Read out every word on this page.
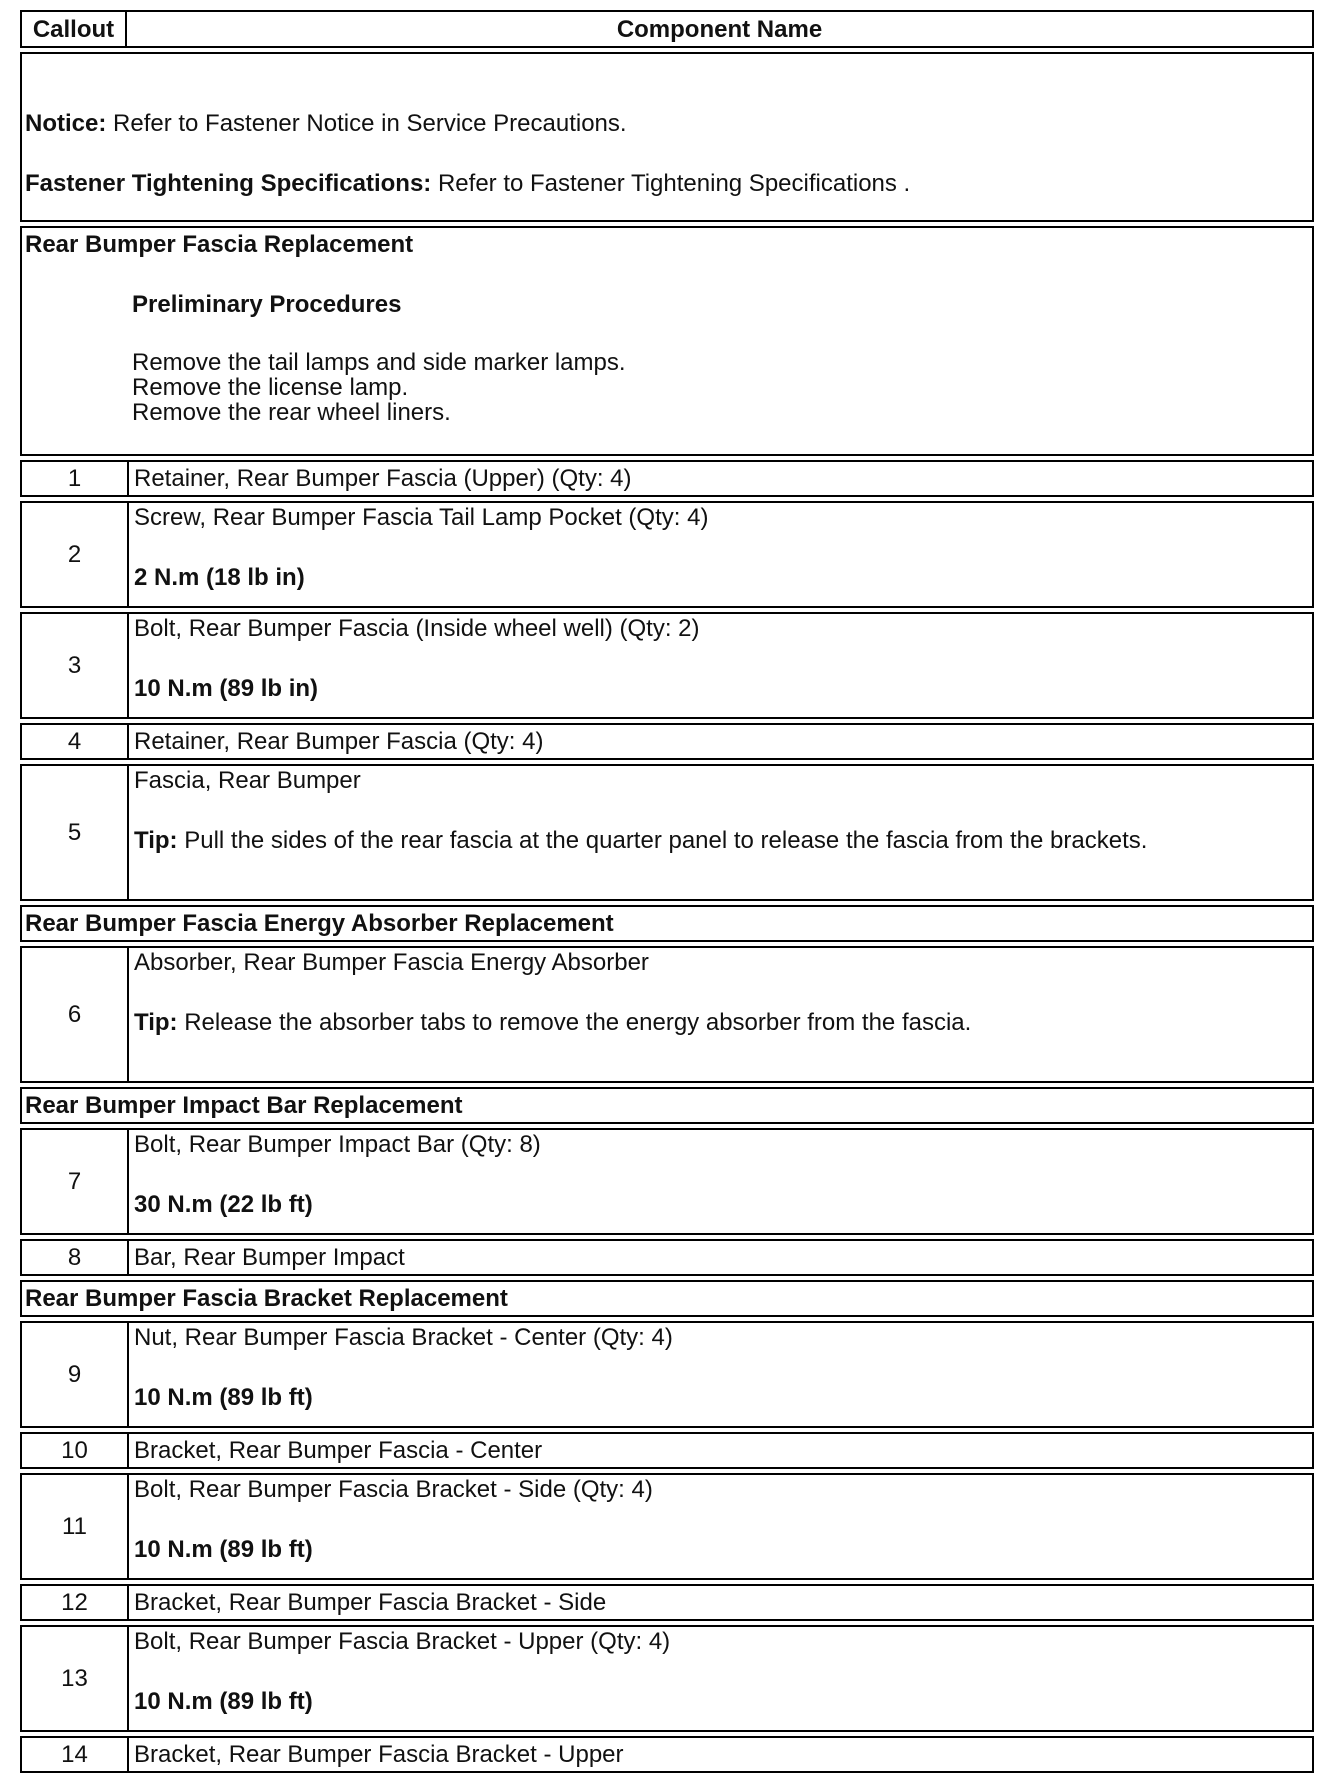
Callout	Component Name

Notice: Refer to Fastener Notice in Service Precautions.
Fastener Tightening Specifications: Refer to Fastener Tightening Specifications .	

Rear Bumper Fascia Replacement
Preliminary Procedures
Remove the tail lamps and side marker lamps.
Remove the license lamp.
Remove the rear wheel liners.	

1	Retainer, Rear Bumper Fascia (Upper) (Qty: 4)
2	Screw, Rear Bumper Fascia Tail Lamp Pocket (Qty: 4)
2 N.m (18 lb in)

3	Bolt, Rear Bumper Fascia (Inside wheel well) (Qty: 2)
10 N.m (89 lb in)

4	Retainer, Rear Bumper Fascia (Qty: 4)
5	Fascia, Rear Bumper
Tip: Pull the sides of the rear fascia at the quarter panel to release the fascia from the brackets.

Rear Bumper Fascia Energy Absorber Replacement	
6	Absorber, Rear Bumper Fascia Energy Absorber
Tip: Release the absorber tabs to remove the energy absorber from the fascia.

Rear Bumper Impact Bar Replacement	
7	Bolt, Rear Bumper Impact Bar (Qty: 8)
30 N.m (22 lb ft)

8	Bar, Rear Bumper Impact
Rear Bumper Fascia Bracket Replacement	
9	Nut, Rear Bumper Fascia Bracket - Center (Qty: 4)
10 N.m (89 lb ft)

10	Bracket, Rear Bumper Fascia - Center
11	Bolt, Rear Bumper Fascia Bracket - Side (Qty: 4)
10 N.m (89 lb ft)

12	Bracket, Rear Bumper Fascia Bracket - Side
13	Bolt, Rear Bumper Fascia Bracket - Upper (Qty: 4)
10 N.m (89 lb ft)

14	Bracket, Rear Bumper Fascia Bracket - Upper
